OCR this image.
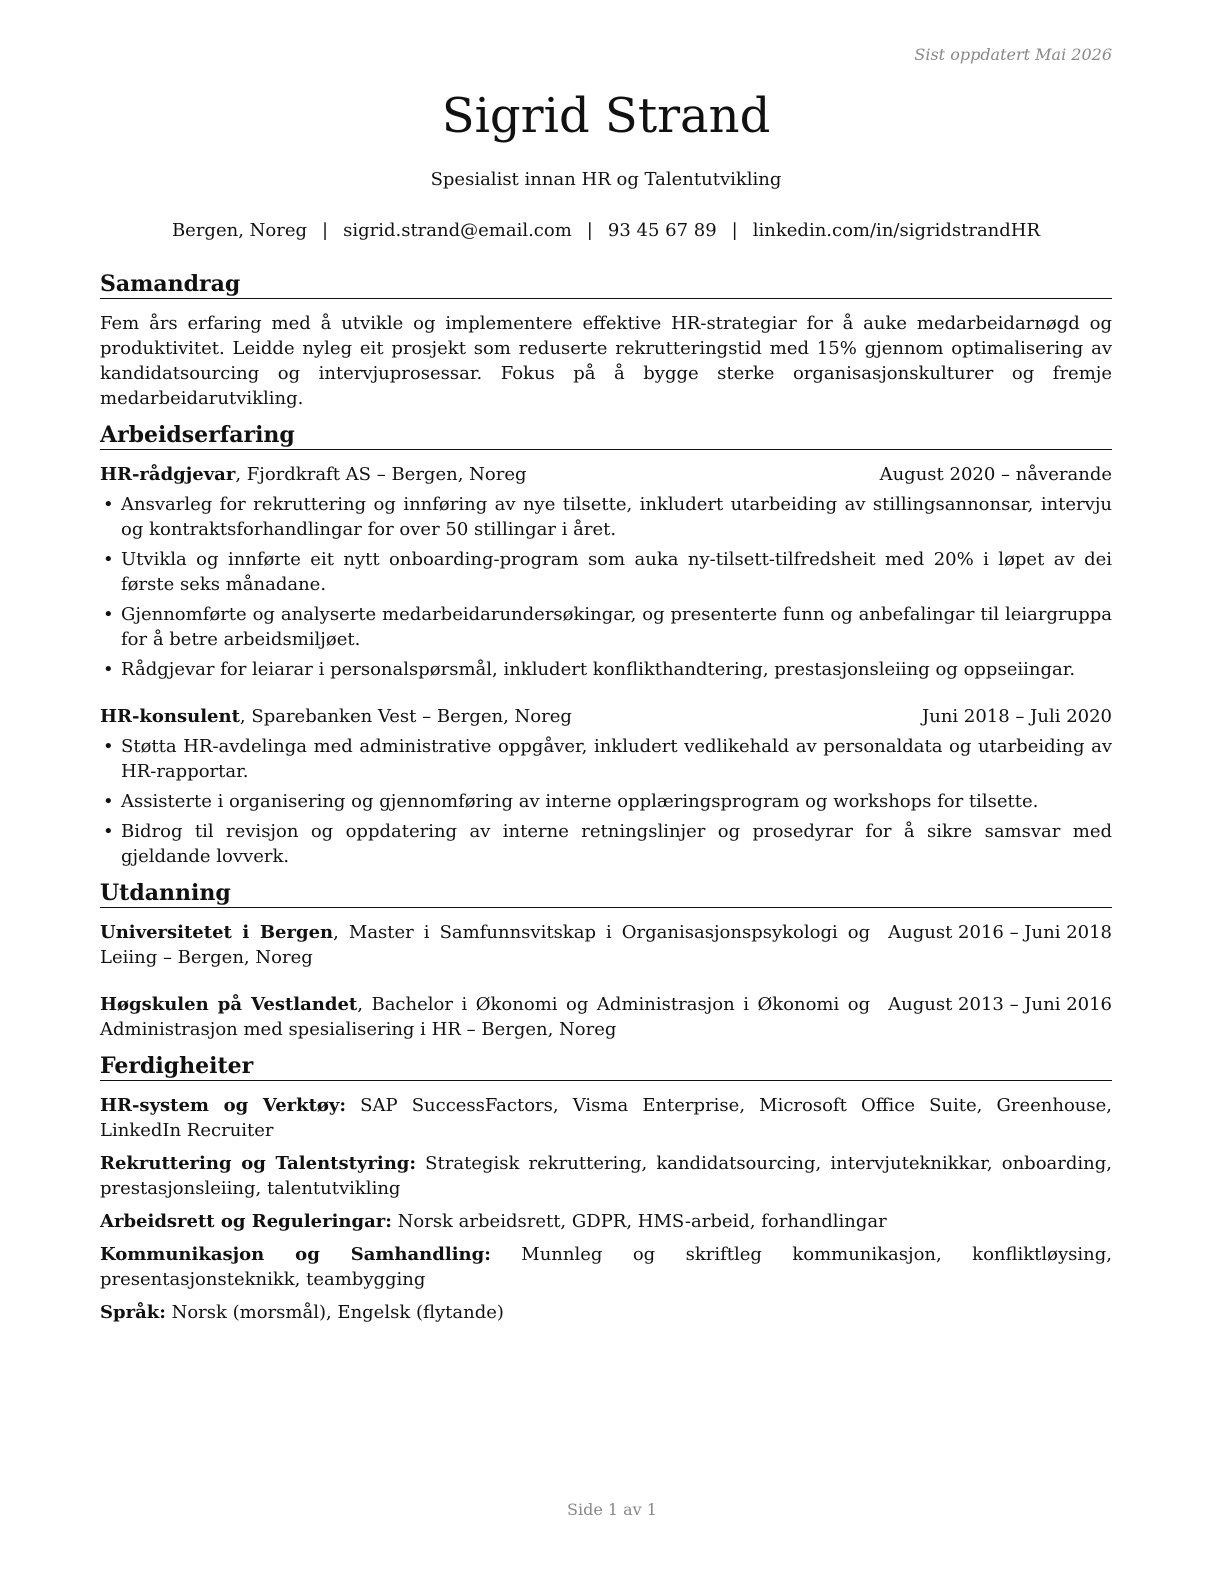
Sist oppdatert Mai 2026
Sigrid Strand
Spesialist innan HR og Talentutvikling
Bergen, Noreg | sigrid.strand@email.com | 93 45 67 89 | linkedin.com/in/sigridstrandHR
Samandrag

Fem års erfaring med å utvikle og implementere effektive HR-strategiar for å auke medarbeidarnøgd og produktivitet. Leidde nyleg eit prosjekt som reduserte rekrutteringstid med 15% gjennom optimalisering av kandidatsourcing og intervjuprosessar. Fokus på å bygge sterke organisasjonskulturer og fremje medarbeidarutvikling.

Arbeidserfaring
HR-rådgjevar, Fjordkraft AS – Bergen, Noreg	August 2020 – nåverande
• Ansvarleg for rekruttering og innføring av nye tilsette, inkludert utarbeiding av stillingsannonsar, intervju og kontraktsforhandlingar for over 50 stillingar i året.
• Utvikla og innførte eit nytt onboarding-program som auka ny-tilsett-tilfredsheit med 20% i løpet av dei første seks månadane.
• Gjennomførte og analyserte medarbeidarundersøkingar, og presenterte funn og anbefalingar til leiargruppa for å betre arbeidsmiljøet.
• Rådgjevar for leiarar i personalspørsmål, inkludert konflikthandtering, prestasjonsleiing og oppseiingar.
HR-konsulent, Sparebanken Vest – Bergen, Noreg	Juni 2018 – Juli 2020
• Støtta HR-avdelinga med administrative oppgåver, inkludert vedlikehald av personaldata og utarbeiding av HR-rapportar.
• Assisterte i organisering og gjennomføring av interne opplæringsprogram og workshops for tilsette.
• Bidrog til revisjon og oppdatering av interne retningslinjer og prosedyrar for å sikre samsvar med gjeldande lovverk.
Utdanning
Universitetet i Bergen, Master i Samfunnsvitskap i Organisasjonspsykologi og Leiing – Bergen, Noreg
August 2016 – Juni 2018
Høgskulen på Vestlandet, Bachelor i Økonomi og Administrasjon i Økonomi og Administrasjon med spesialisering i HR – Bergen, Noreg
August 2013 – Juni 2016
Ferdigheiter

HR-system og Verktøy: SAP SuccessFactors, Visma Enterprise, Microsoft Office Suite, Greenhouse, LinkedIn Recruiter

Rekruttering og Talentstyring: Strategisk rekruttering, kandidatsourcing, intervjuteknikkar, onboarding, prestasjonsleiing, talentutvikling

Arbeidsrett og Reguleringar: Norsk arbeidsrett, GDPR, HMS-arbeid, forhandlingar

Kommunikasjon og Samhandling: Munnleg og skriftleg kommunikasjon, konfliktløysing, presentasjonsteknikk, teambygging

Språk: Norsk (morsmål), Engelsk (flytande)

Side 1 av 1
